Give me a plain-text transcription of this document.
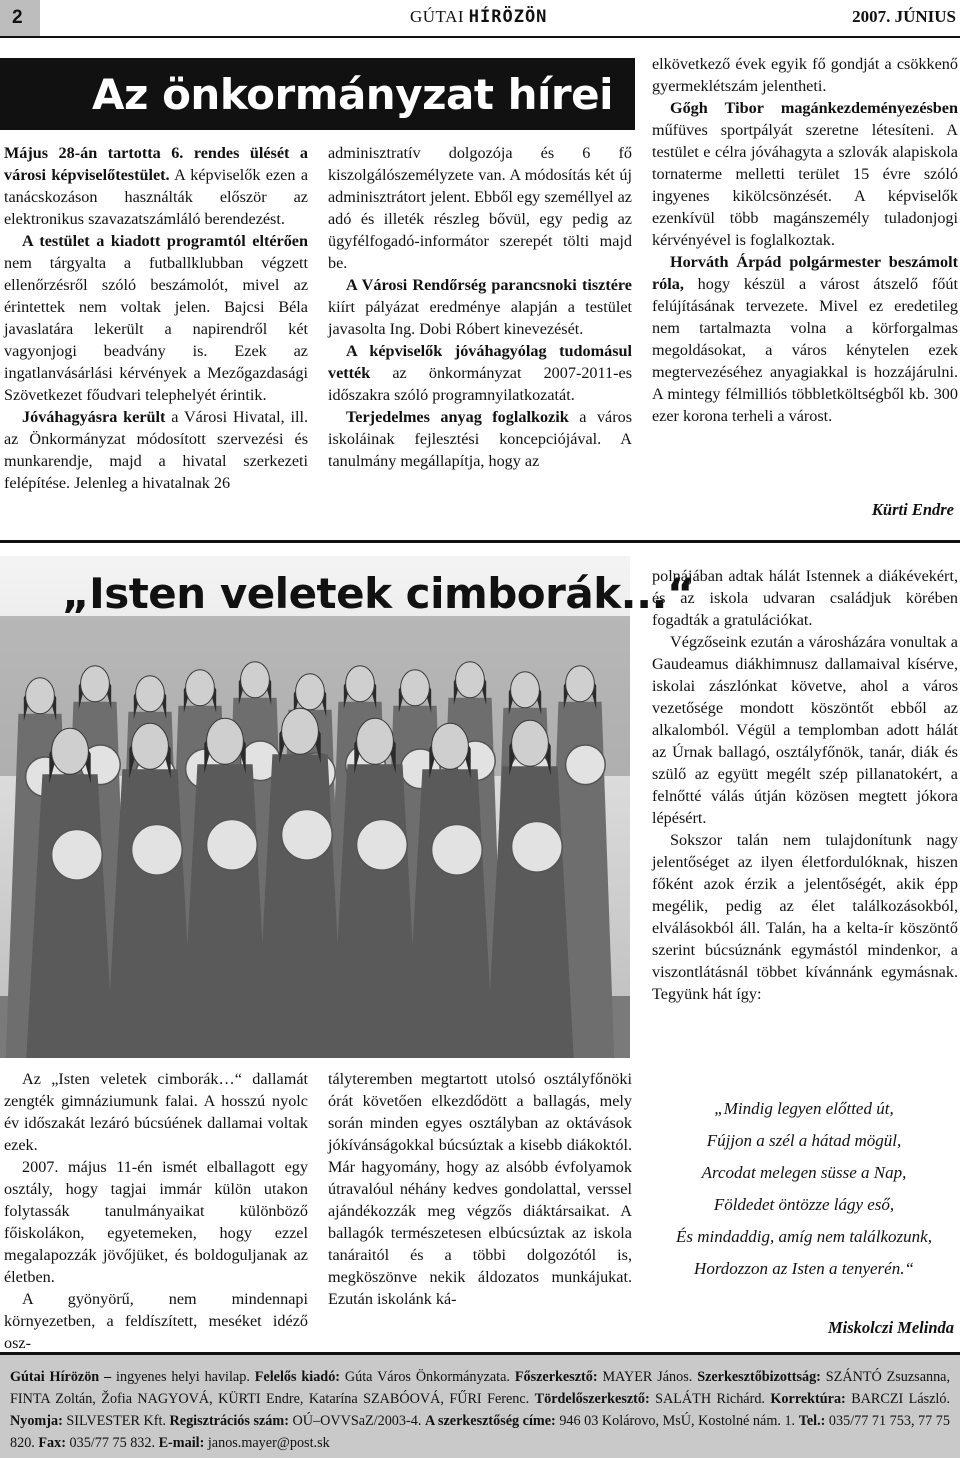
2	GÚTAI HÍRÖZÖN	2007. JÚNIUS
Az önkormányzat hírei

Május 28-án tartotta 6. rendes ülését a városi képviselőtestület. A képviselők ezen a tanácskozáson használták először az elektronikus szavazatszámláló berendezést.

A testület a kiadott programtól eltérően nem tárgyalta a futballklubban végzett ellenőrzésről szóló beszámolót, mivel az érintettek nem voltak jelen. Bajcsi Béla javaslatára lekerült a napirendről két vagyonjogi beadvány is. Ezek az ingatlanvásárlási kérvények a Mezőgazdasági Szövetkezet főudvari telephelyét érintik.

Jóváhagyásra került a Városi Hivatal, ill. az Önkormányzat módosított szervezési és munkarendje, majd a hivatal szerkezeti felépítése. Jelenleg a hivatalnak 26

adminisztratív dolgozója és 6 fő kiszolgálószemélyzete van. A módosítás két új adminisztrátort jelent. Ebből egy személlyel az adó és illeték részleg bővül, egy pedig az ügyfélfogadó-informátor szerepét tölti majd be.

A Városi Rendőrség parancsnoki tisztére kiírt pályázat eredménye alapján a testület javasolta Ing. Dobi Róbert kinevezését.

A képviselők jóváhagyólag tudomásul vették az önkormányzat 2007-2011-es időszakra szóló programnyilatkozatát.

Terjedelmes anyag foglalkozik a város iskoláinak fejlesztési koncepciójával. A tanulmány megállapítja, hogy az

elkövetkező évek egyik fő gondját a csökkenő gyermeklétszám jelentheti.

Gőgh Tibor magánkezdeményezésben műfüves sportpályát szeretne létesíteni. A testület e célra jóváhagyta a szlovák alapiskola tornaterme melletti terület 15 évre szóló ingyenes kikölcsönzését. A képviselők ezenkívül több magánszemély tuladonjogi kérvényével is foglalkoztak.

Horváth Árpád polgármester beszámolt róla, hogy készül a várost átszelő főút felújításának tervezete. Mivel ez eredetileg nem tartalmazta volna a körforgalmas megoldásokat, a város kénytelen ezek megtervezéséhez anyagiakkal is hozzájárulni. A mintegy félmilliós többletköltségből kb. 300 ezer korona terheli a várost.

Kürti Endre
„Isten veletek cimborák...“

Az „Isten veletek cimborák…“ dallamát zengték gimnáziumunk falai. A hosszú nyolc év időszakát lezáró búcsúének dallamai voltak ezek.

2007. május 11-én ismét elballagott egy osztály, hogy tagjai immár külön utakon folytassák tanulmányaikat különböző főiskolákon, egyetemeken, hogy ezzel megalapozzák jövőjüket, és boldoguljanak az életben.

A gyönyörű, nem mindennapi környezetben, a feldíszített, meséket idéző osz-

tályteremben megtartott utolsó osztályfőnöki órát követően elkezdődött a ballagás, mely során minden egyes osztályban az oktávások jókívánságokkal búcsúztak a kisebb diákoktól. Már hagyomány, hogy az alsóbb évfolyamok útravalóul néhány kedves gondolattal, verssel ajándékozzák meg végzős diáktársaikat. A ballagók természetesen elbúcsúztak az iskola tanáraitól és a többi dolgozótól is, megköszönve nekik áldozatos munkájukat. Ezután iskolánk ká-

polnájában adtak hálát Istennek a diákévekért, és az iskola udvaran családjuk körében fogadták a gratulációkat.

Végzőseink ezután a városházára vonultak a Gaudeamus diákhimnusz dallamaival kísérve, iskolai zászlónkat követve, ahol a város vezetősége mondott köszöntőt ebből az alkalomból. Végül a templomban adott hálát az Úrnak ballagó, osztályfőnök, tanár, diák és szülő az együtt megélt szép pillanatokért, a felnőtté válás útján közösen megtett jókora lépésért.

Sokszor talán nem tulajdonítunk nagy jelentőséget az ilyen életfordulóknak, hiszen főként azok érzik a jelentőségét, akik épp megélik, pedig az élet találkozásokból, elválásokból áll. Talán, ha a kelta-ír köszöntő szerint búcsúznánk egymástól mindenkor, a viszontlátásnál többet kívánnánk egymásnak. Tegyünk hát így:

„Mindig legyen előtted út,
Fújjon a szél a hátad mögül,
Arcodat melegen süsse a Nap,
Földedet öntözze lágy eső,
És mindaddig, amíg nem találkozunk,
Hordozzon az Isten a tenyerén.“
Miskolczi Melinda
Gútai Hírözön – ingyenes helyi havilap. Felelős kiadó: Gúta Város Önkormányzata. Főszerkesztő: MAYER János. Szerkesztőbizottság: SZÁNTÓ Zsuzsanna, FINTA Zoltán, Žofia NAGYOVÁ, KÜRTI Endre, Katarína SZABÓOVÁ, FŰRI Ferenc. Tördelőszerkesztő: SALÁTH Richárd. Korrektúra: BARCZI László. Nyomja: SILVESTER Kft. Regisztrációs szám: OÚ–OVVSaZ/2003-4. A szerkesztőség címe: 946 03 Kolárovo, MsÚ, Kostolné nám. 1. Tel.: 035/77 71 753, 77 75 820. Fax: 035/77 75 832. E-mail: janos.mayer@post.sk
